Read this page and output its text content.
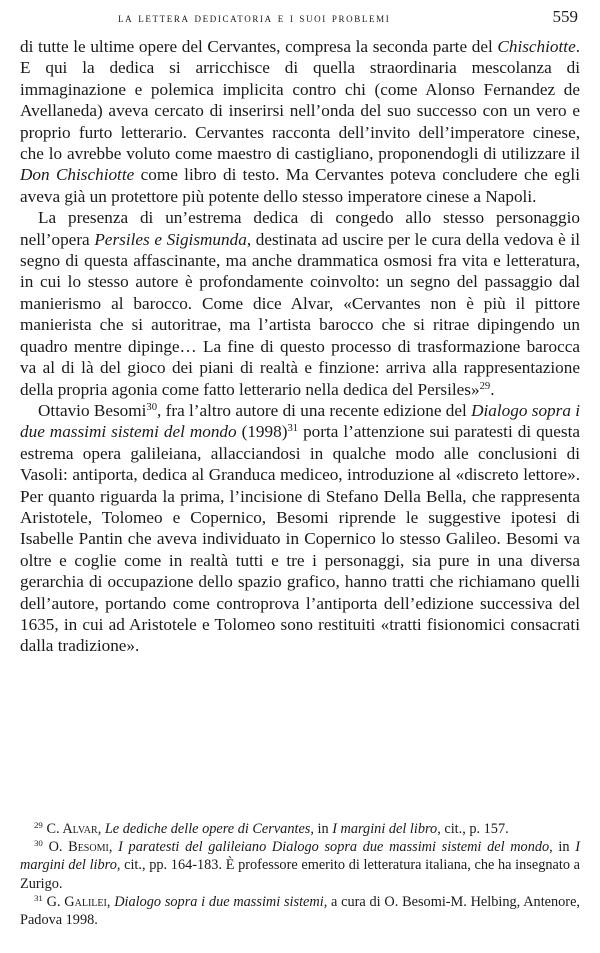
la lettera dedicatoria e i suoi problemi	559

di tutte le ultime opere del Cervantes, compresa la seconda parte del Chischiotte. E qui la dedica si arricchisce di quella straordinaria mescolanza di immaginazione e polemica implicita contro chi (come Alonso Fernandez de Avellaneda) aveva cercato di inserirsi nell’onda del suo successo con un vero e proprio furto letterario. Cervantes racconta dell’invito dell’imperatore cinese, che lo avrebbe voluto come maestro di castigliano, proponendogli di utilizzare il Don Chischiotte come libro di testo. Ma Cervantes poteva concludere che egli aveva già un protettore più potente dello stesso imperatore cinese a Napoli.

La presenza di un’estrema dedica di congedo allo stesso personaggio nell’opera Persiles e Sigismunda, destinata ad uscire per le cura della vedova è il segno di questa affascinante, ma anche drammatica osmosi fra vita e letteratura, in cui lo stesso autore è profondamente coinvolto: un segno del passaggio dal manierismo al barocco. Come dice Alvar, «Cervantes non è più il pittore manierista che si autoritrae, ma l’artista barocco che si ritrae dipingendo un quadro mentre dipinge… La fine di questo processo di trasformazione barocca va al di là del gioco dei piani di realtà e finzione: arriva alla rappresentazione della propria agonia come fatto letterario nella dedica del Persiles»$^{29}$.

Ottavio Besomi$^{30}$, fra l’altro autore di una recente edizione del Dialogo sopra i due massimi sistemi del mondo $(1998)^{31}$ porta l’attenzione sui paratesti di questa estrema opera galileiana, allacciandosi in qualche modo alle conclusioni di Vasoli: antiporta, dedica al Granduca mediceo, introduzione al «discreto lettore». Per quanto riguarda la prima, l’incisione di Stefano Della Bella, che rappresenta Aristotele, Tolomeo e Copernico, Besomi riprende le suggestive ipotesi di Isabelle Pantin che aveva individuato in Copernico lo stesso Galileo. Besomi va oltre e coglie come in realtà tutti e tre i personaggi, sia pure in una diversa gerarchia di occupazione dello spazio grafico, hanno tratti che richiamano quelli dell’autore, portando come controprova l’antiporta dell’edizione successiva del 1635, in cui ad Aristotele e Tolomeo sono restituiti «tratti fisionomici consacrati dalla tradizione».

$^{29}$ C. Alvar, Le dediche delle opere di Cervantes, in I margini del libro, cit., p. 157.

$^{30}$ O. Besomi, I paratesti del galileiano Dialogo sopra due massimi sistemi del mondo, in I margini del libro, cit., pp. 164-183. È professore emerito di letteratura italiana, che ha insegnato a Zurigo.

$^{31}$ G. Galilei, Dialogo sopra i due massimi sistemi, a cura di O. Besomi-M. Helbing, Antenore, Padova 1998.
